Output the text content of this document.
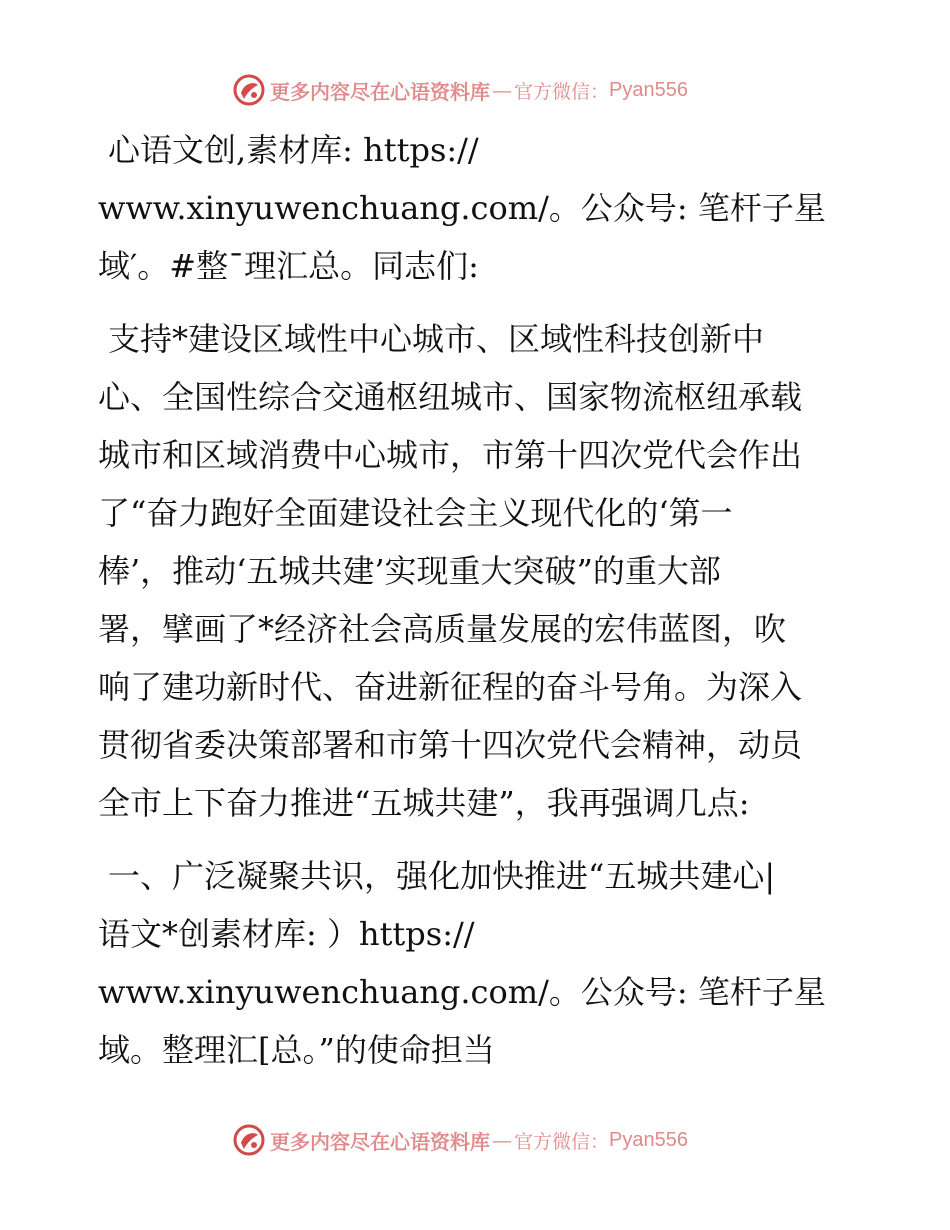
更多内容尽在心语资料库 — 官方微信： Pyan556
心语文创,素材库: https://
www.xinyuwenchuang.com/。公众号: 笔杆子星
域′。#整¯理汇总。同志们:
支持*建设区域性中心城市、区域性科技创新中
心、全国性综合交通枢纽城市、国家物流枢纽承载
城市和区域消费中心城市，市第十四次党代会作出
了“奋力跑好全面建设社会主义现代化的‘第一
棒’，推动‘五城共建’实现重大突破”的重大部
署，擘画了*经济社会高质量发展的宏伟蓝图，吹
响了建功新时代、奋进新征程的奋斗号角。为深入
贯彻省委决策部署和市第十四次党代会精神，动员
全市上下奋力推进“五城共建”，我再强调几点:
一、广泛凝聚共识，强化加快推进“五城共建心|
语文*创素材库: ）https://
www.xinyuwenchuang.com/。公众号: 笔杆子星
域。整理汇[总。”的使命担当
更多内容尽在心语资料库 — 官方微信： Pyan556
